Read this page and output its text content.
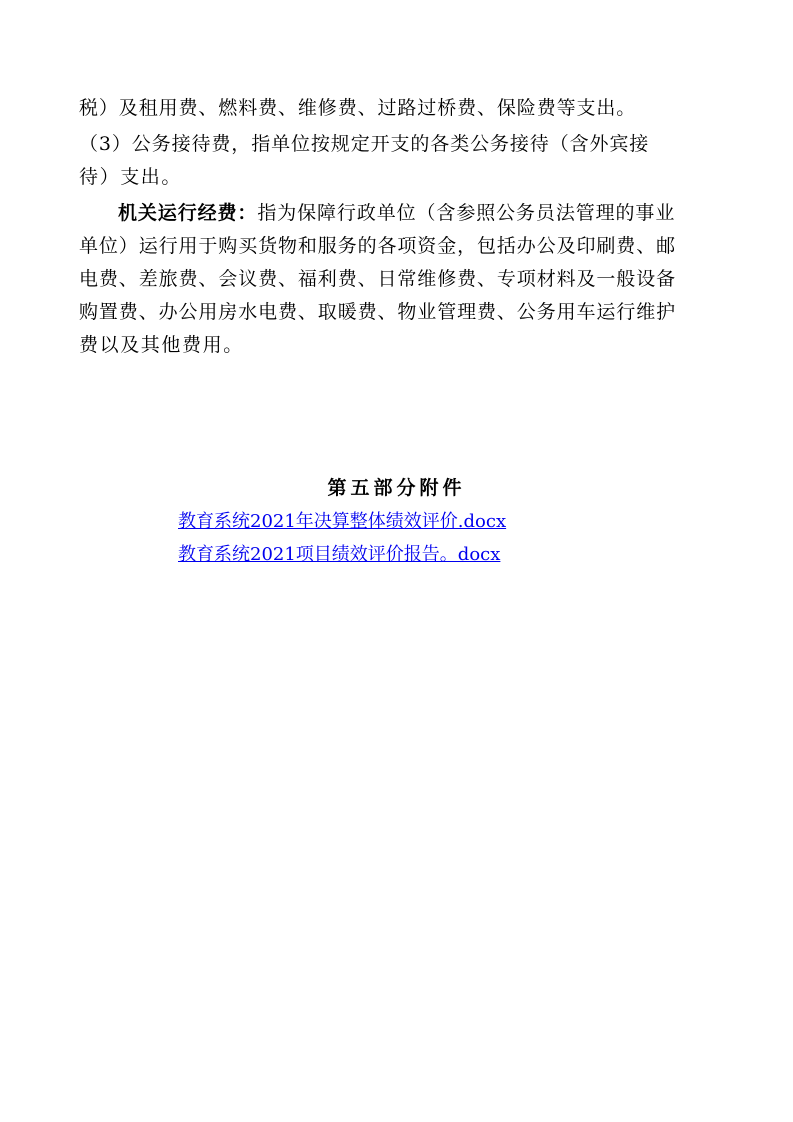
税）及租用费、燃料费、维修费、过路过桥费、保险费等支出。
（3）公务接待费，指单位按规定开支的各类公务接待（含外宾接
待）支出。
机关运行经费：指为保障行政单位（含参照公务员法管理的事业
单位）运行用于购买货物和服务的各项资金，包括办公及印刷费、邮
电费、差旅费、会议费、福利费、日常维修费、专项材料及一般设备
购置费、办公用房水电费、取暖费、物业管理费、公务用车运行维护
费以及其他费用。
第五部分附件
教育系统2021年决算整体绩效评价.docx
教育系统2021项目绩效评价报告。docx
